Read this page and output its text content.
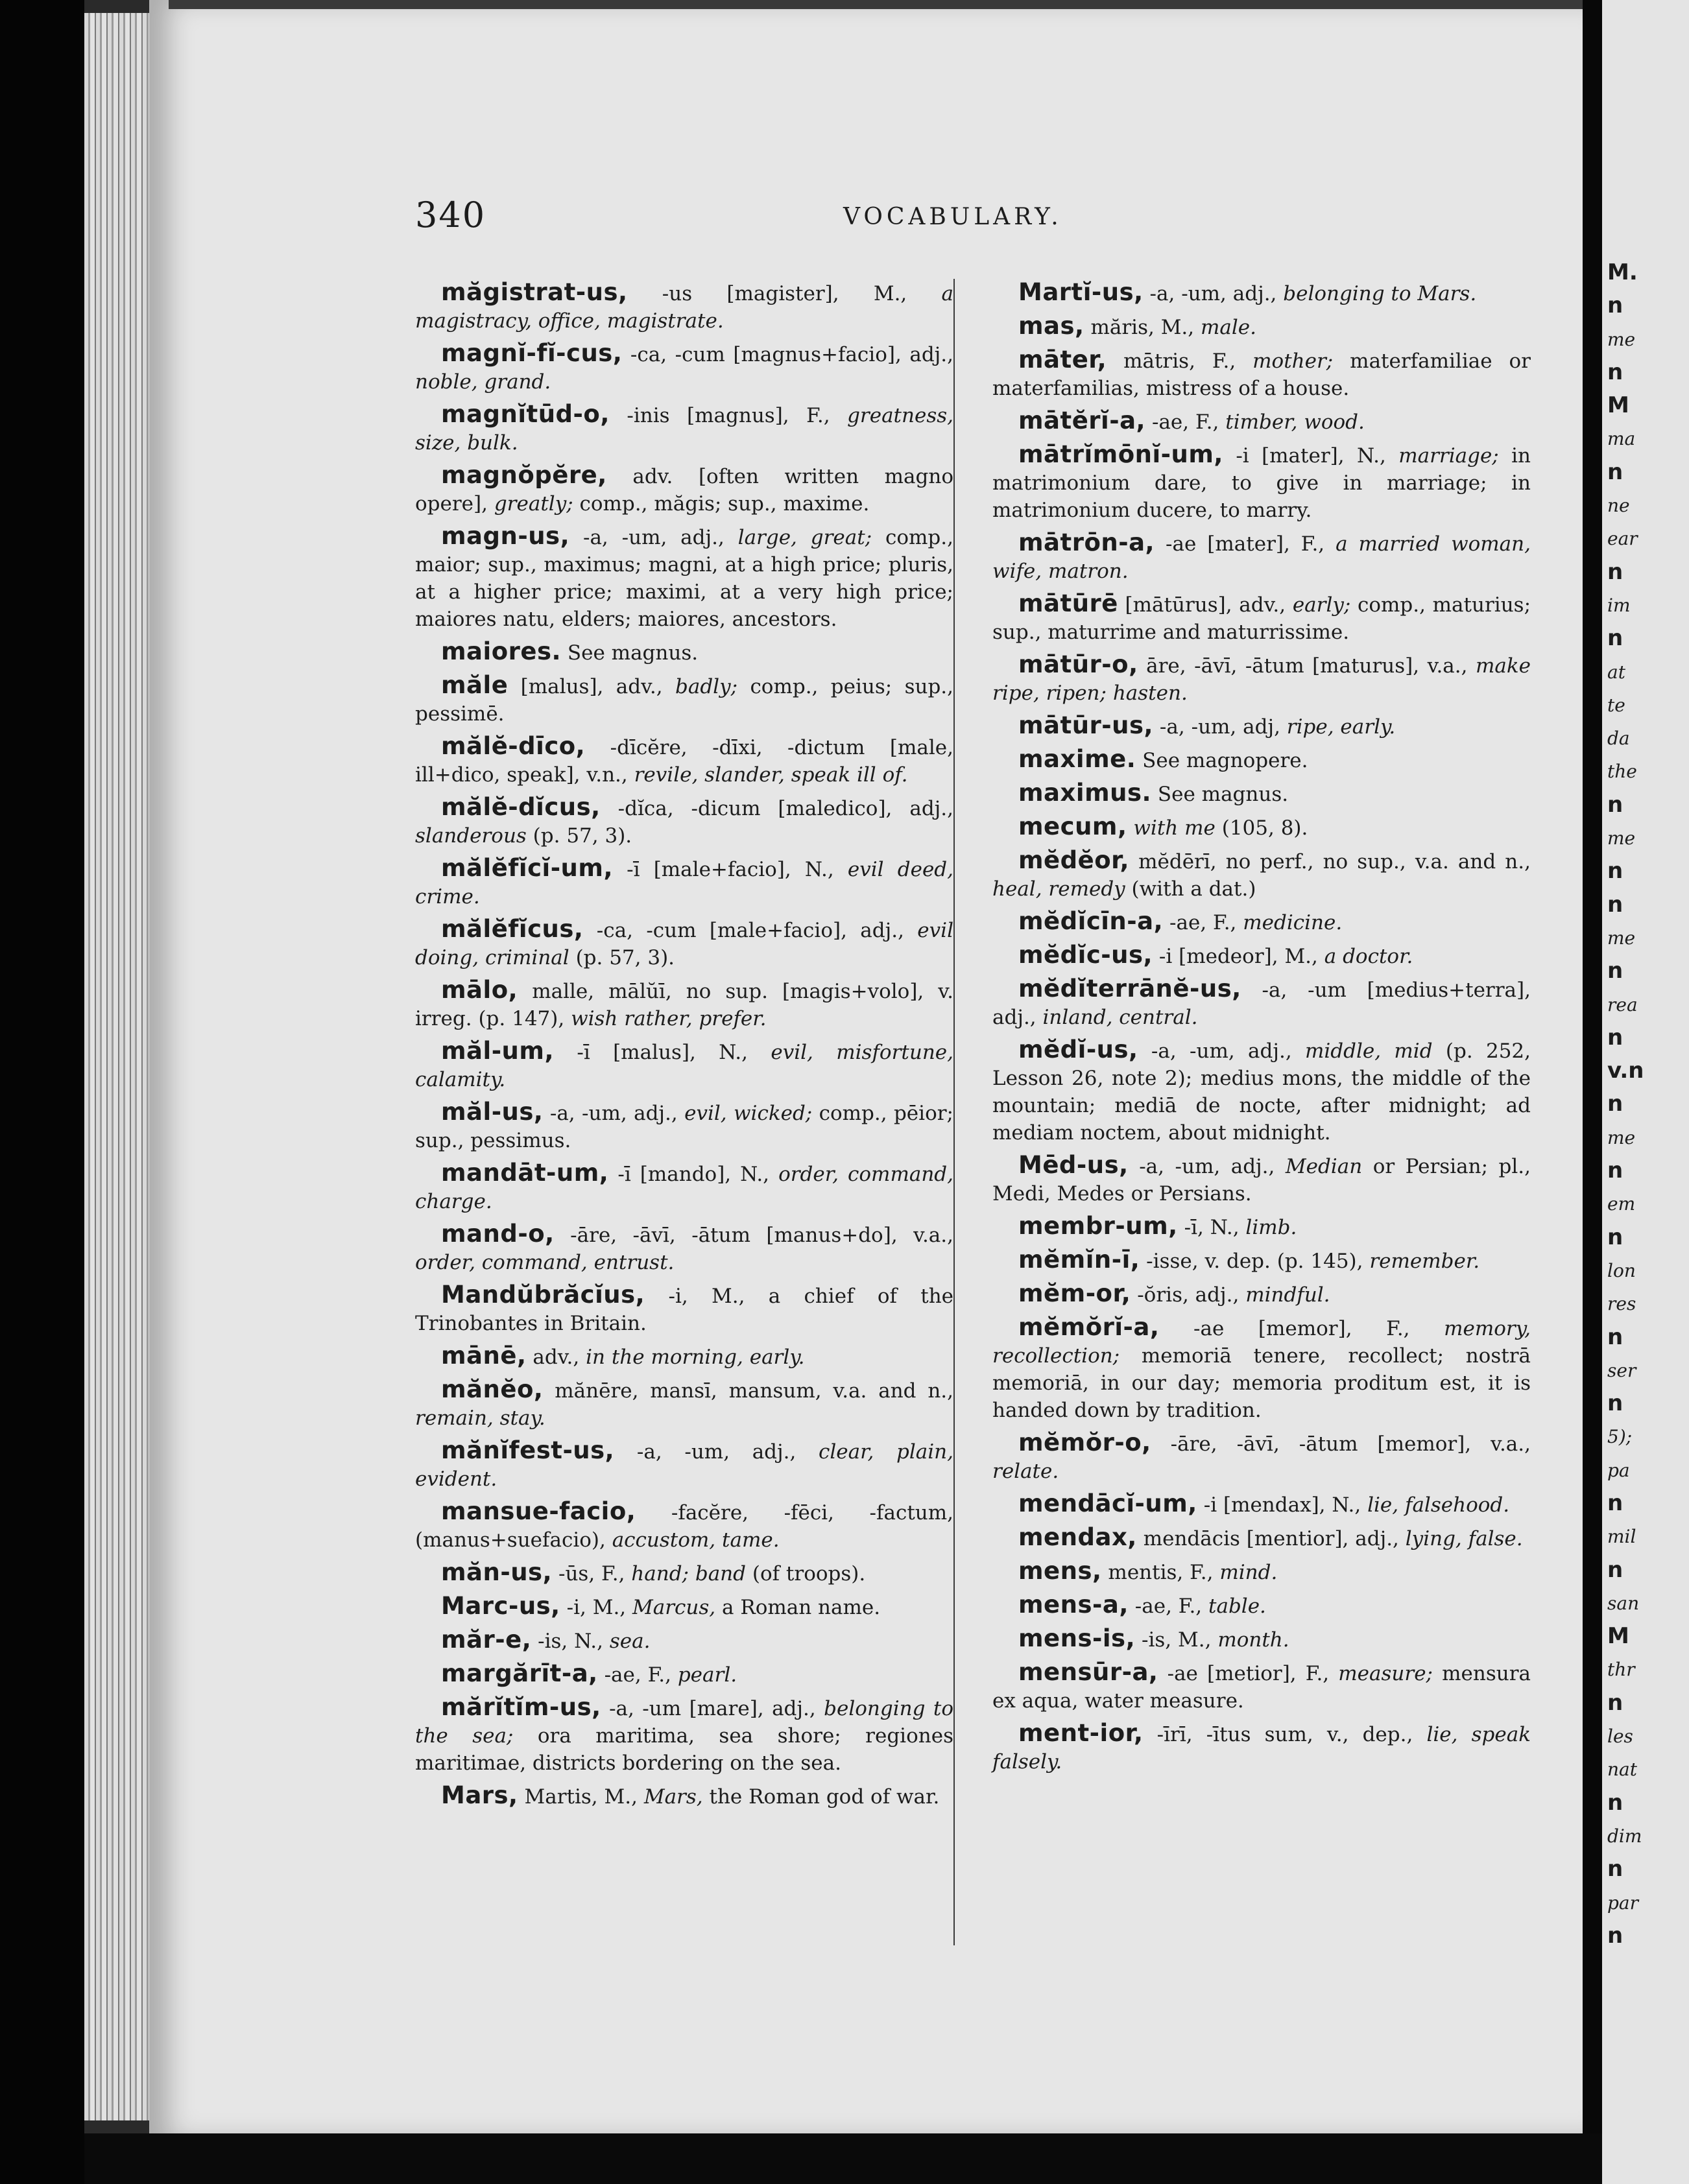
M.
n
me
n
M
ma
n
ne
ear
n
im
n
at
te
da
the
n
me
n
n
me
n
rea
n
v.n
n
me
n
em
n
lon
res
n
ser
n
5);
pa
n
mil
n
san
M
thr
n
les
nat
n
dim
n
par
n
340	VOCABULARY.

măgistrat-us, -us [magister], M., a magistracy, office, magistrate.

magnĭ-fĭ-cus, -ca, -cum [magnus+facio], adj., noble, grand.

magnĭtūd-o, -inis [magnus], F., greatness, size, bulk.

magnŏpĕre, adv. [often written magno opere], greatly; comp., măgis; sup., maxime.

magn-us, -a, -um, adj., large, great; comp., maior; sup., maximus; magni, at a high price; pluris, at a higher price; maximi, at a very high price; maiores natu, elders; maiores, ancestors.

maiores. See magnus.

măle [malus], adv., badly; comp., peius; sup., pessimē.

mălĕ-dīco, -dīcĕre, -dīxi, -dictum [male, ill+dico, speak], v.n., revile, slander, speak ill of.

mălĕ-dĭcus, -dĭca, -dicum [maledico], adj., slanderous (p. 57, 3).

mălĕfĭcĭ-um, -ī [male+facio], N., evil deed, crime.

mălĕfĭcus, -ca, -cum [male+facio], adj., evil doing, criminal (p. 57, 3).

mālo, malle, mālŭī, no sup. [magis+volo], v. irreg. (p. 147), wish rather, prefer.

măl-um, -ī [malus], N., evil, misfortune, calamity.

măl-us, -a, -um, adj., evil, wicked; comp., pēior; sup., pessimus.

mandāt-um, -ī [mando], N., order, command, charge.

mand-o, -āre, -āvī, -ātum [manus+do], v.a., order, command, entrust.

Mandŭbrăcĭus, -i, M., a chief of the Trinobantes in Britain.

mānē, adv., in the morning, early.

mănĕo, mănēre, mansī, mansum, v.a. and n., remain, stay.

mănĭfest-us, -a, -um, adj., clear, plain, evident.

mansue-facio, -facĕre, -fēci, -factum, (manus+suefacio), accustom, tame.

măn-us, -ūs, F., hand; band (of troops).

Marc-us, -i, M., Marcus, a Roman name.

măr-e, -is, N., sea.

margărīt-a, -ae, F., pearl.

mărĭtĭm-us, -a, -um [mare], adj., belonging to the sea; ora maritima, sea shore; regiones maritimae, districts bordering on the sea.

Mars, Martis, M., Mars, the Roman god of war.

Martĭ-us, -a, -um, adj., belonging to Mars.

mas, măris, M., male.

māter, mātris, F., mother; materfamiliae or materfamilias, mistress of a house.

mātĕrĭ-a, -ae, F., timber, wood.

mātrĭmōnĭ-um, -i [mater], N., marriage; in matrimonium dare, to give in marriage; in matrimonium ducere, to marry.

mātrōn-a, -ae [mater], F., a married woman, wife, matron.

mātūrē [mātūrus], adv., early; comp., maturius; sup., maturrime and maturrissime.

mātūr-o, āre, -āvī, -ātum [maturus], v.a., make ripe, ripen; hasten.

mātūr-us, -a, -um, adj, ripe, early.

maxime. See magnopere.

maximus. See magnus.

mecum, with me (105, 8).

mĕdĕor, mĕdērī, no perf., no sup., v.a. and n., heal, remedy (with a dat.)

mĕdĭcīn-a, -ae, F., medicine.

mĕdĭc-us, -i [medeor], M., a doctor.

mĕdĭterrānĕ-us, -a, -um [medius+terra], adj., inland, central.

mĕdĭ-us, -a, -um, adj., middle, mid (p. 252, Lesson 26, note 2); medius mons, the middle of the mountain; mediā de nocte, after midnight; ad mediam noctem, about midnight.

Mēd-us, -a, -um, adj., Median or Persian; pl., Medi, Medes or Persians.

membr-um, -ī, N., limb.

mĕmĭn-ī, -isse, v. dep. (p. 145), remember.

mĕm-or, -ŏris, adj., mindful.

mĕmŏrĭ-a, -ae [memor], F., memory, recollection; memoriā tenere, recollect; nostrā memoriā, in our day; memoria proditum est, it is handed down by tradition.

mĕmŏr-o, -āre, -āvī, -ātum [memor], v.a., relate.

mendācĭ-um, -i [mendax], N., lie, falsehood.

mendax, mendācis [mentior], adj., lying, false.

mens, mentis, F., mind.

mens-a, -ae, F., table.

mens-is, -is, M., month.

mensūr-a, -ae [metior], F., measure; mensura ex aqua, water measure.

ment-ior, -īrī, -ītus sum, v., dep., lie, speak falsely.
